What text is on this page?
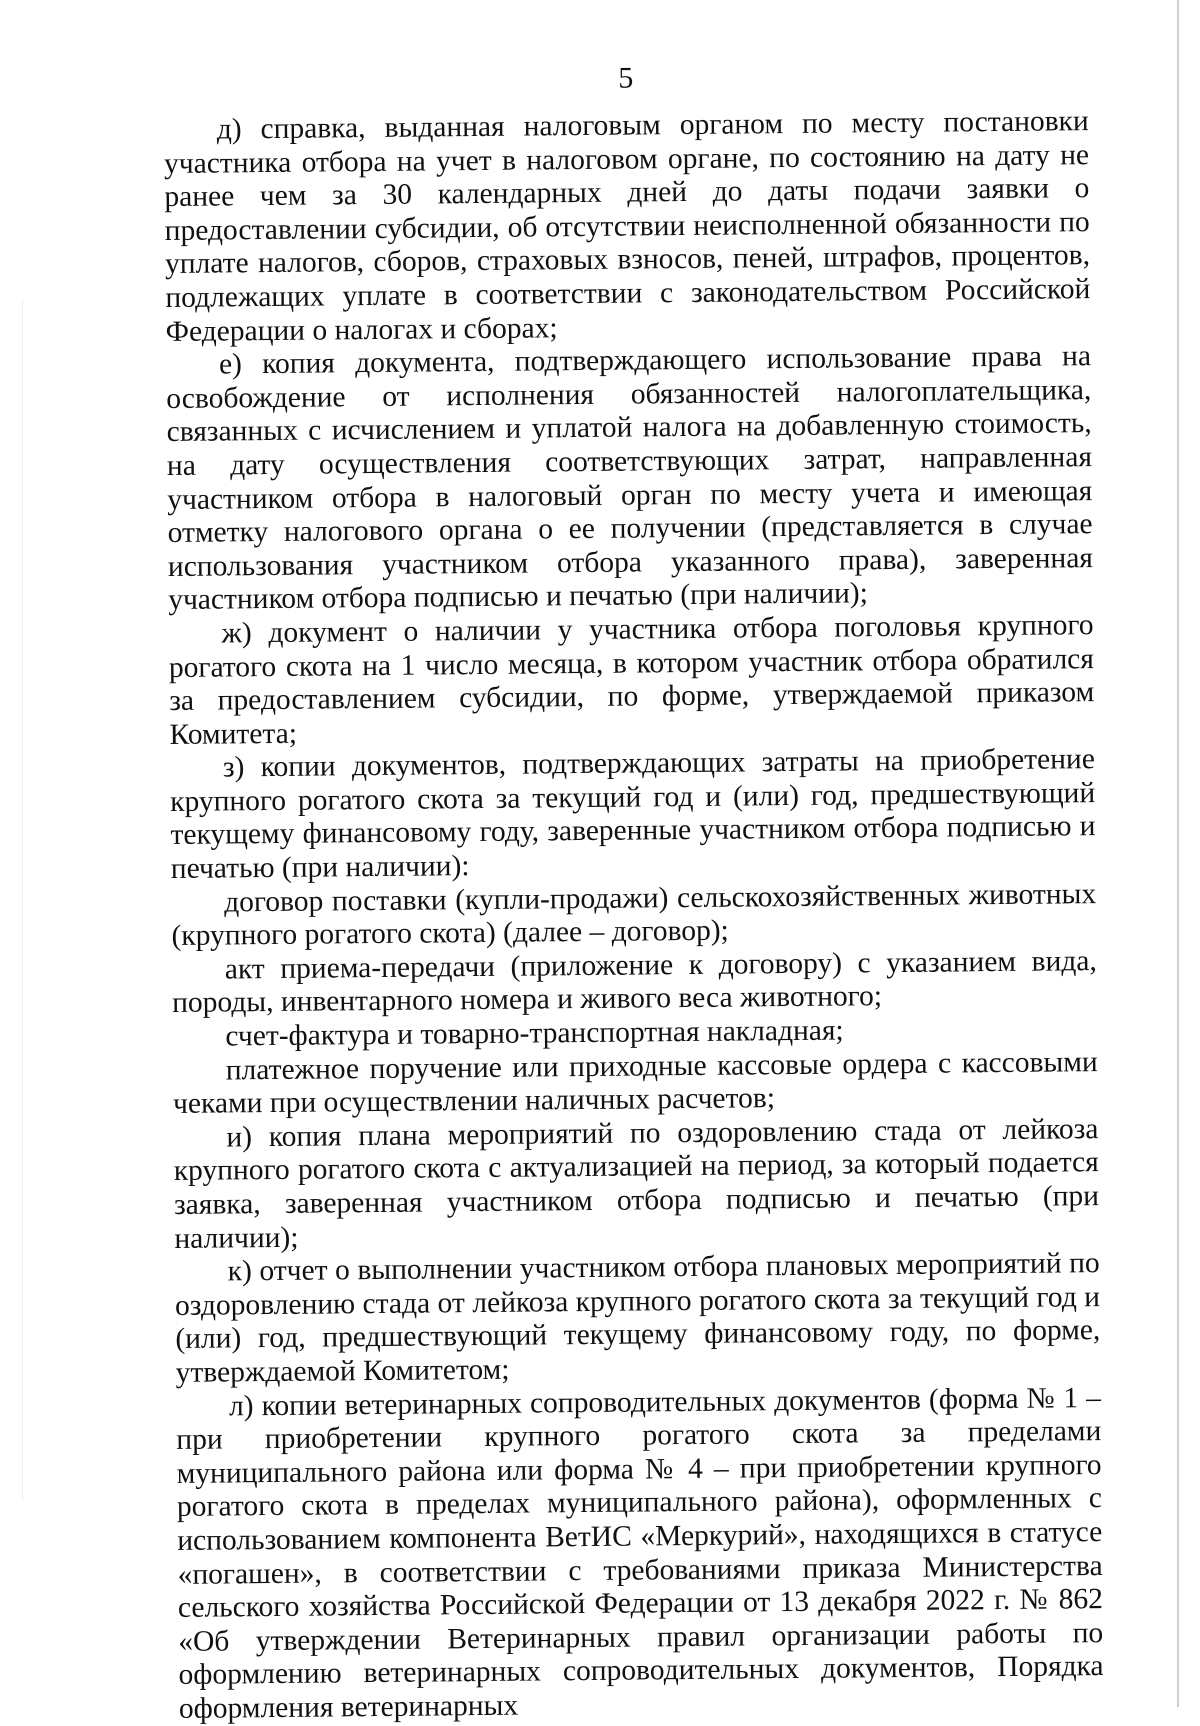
5

д) справка, выданная налоговым органом по месту постановки участника отбора на учет в налоговом органе, по состоянию на дату не ранее чем за 30 календарных дней до даты подачи заявки о предоставлении субсидии, об отсутствии неисполненной обязанности по уплате налогов, сборов, страховых взносов, пеней, штрафов, процентов, подлежащих уплате в соответствии с законодательством Российской Федерации о налогах и сборах;

е) копия документа, подтверждающего использование права на освобождение от исполнения обязанностей налогоплательщика, связанных с исчислением и уплатой налога на добавленную стоимость, на дату осуществления соответствующих затрат, направленная участником отбора в налоговый орган по месту учета и имеющая отметку налогового органа о ее получении (представляется в случае использования участником отбора указанного права), заверенная участником отбора подписью и печатью (при наличии);

ж) документ о наличии у участника отбора поголовья крупного рогатого скота на 1 число месяца, в котором участник отбора обратился за предоставлением субсидии, по форме, утверждаемой приказом Комитета;

з) копии документов, подтверждающих затраты на приобретение крупного рогатого скота за текущий год и (или) год, предшествующий текущему финансовому году, заверенные участником отбора подписью и печатью (при наличии):

договор поставки (купли-продажи) сельскохозяйственных животных (крупного рогатого скота) (далее – договор);

акт приема-передачи (приложение к договору) с указанием вида, породы, инвентарного номера и живого веса животного;

счет-фактура и товарно-транспортная накладная;

платежное поручение или приходные кассовые ордера с кассовыми чеками при осуществлении наличных расчетов;

и) копия плана мероприятий по оздоровлению стада от лейкоза крупного рогатого скота с актуализацией на период, за который подается заявка, заверенная участником отбора подписью и печатью (при наличии);

к) отчет о выполнении участником отбора плановых мероприятий по оздоровлению стада от лейкоза крупного рогатого скота за текущий год и (или) год, предшествующий текущему финансовому году, по форме, утверждаемой Комитетом;

л) копии ветеринарных сопроводительных документов (форма № 1 – при приобретении крупного рогатого скота за пределами муниципального района или форма № 4 – при приобретении крупного рогатого скота в пределах муниципального района), оформленных с использованием компонента ВетИС «Меркурий», находящихся в статусе «погашен», в соответствии с требованиями приказа Министерства сельского хозяйства Российской Федерации от 13 декабря 2022 г. № 862 «Об утверждении Ветеринарных правил организации работы по оформлению ветеринарных сопроводительных документов, Порядка оформления ветеринарных
